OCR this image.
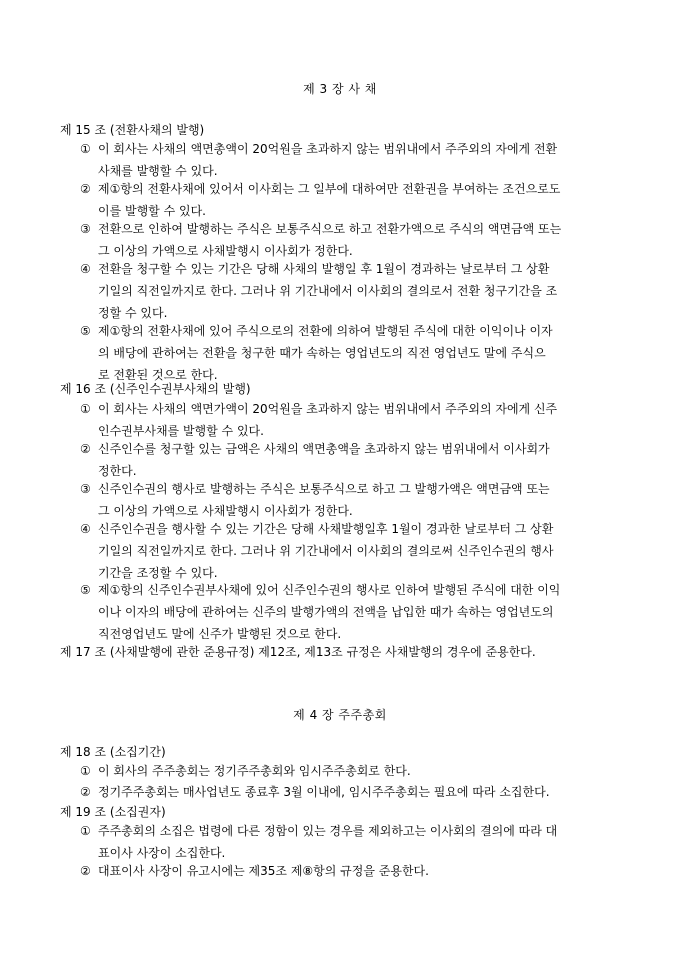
제 3 장 사 채
제 15 조 (전환사채의 발행)
① 이 회사는 사채의 액면총액이 20억원을 초과하지 않는 범위내에서 주주외의 자에게 전환
사채를 발행할 수 있다.
② 제①항의 전환사채에 있어서 이사회는 그 일부에 대하여만 전환권을 부여하는 조건으로도
이를 발행할 수 있다.
③ 전환으로 인하여 발행하는 주식은 보통주식으로 하고 전환가액으로 주식의 액면금액 또는
그 이상의 가액으로 사채발행시 이사회가 정한다.
④ 전환을 청구할 수 있는 기간은 당해 사채의 발행일 후 1월이 경과하는 날로부터 그 상환
기일의 직전일까지로 한다. 그러나 위 기간내에서 이사회의 결의로서 전환 청구기간을 조
정할 수 있다.
⑤ 제①항의 전환사채에 있어 주식으로의 전환에 의하여 발행된 주식에 대한 이익이나 이자
의 배당에 관하여는 전환을 청구한 때가 속하는 영업년도의 직전 영업년도 말에 주식으
로 전환된 것으로 한다.
제 16 조 (신주인수권부사채의 발행)
① 이 회사는 사채의 액면가액이 20억원을 초과하지 않는 범위내에서 주주외의 자에게 신주
인수권부사채를 발행할 수 있다.
② 신주인수를 청구할 있는 금액은 사채의 액면총액을 초과하지 않는 범위내에서 이사회가
정한다.
③ 신주인수권의 행사로 발행하는 주식은 보통주식으로 하고 그 발행가액은 액면금액 또는
그 이상의 가액으로 사채발행시 이사회가 정한다.
④ 신주인수권을 행사할 수 있는 기간은 당해 사채발행일후 1월이 경과한 날로부터 그 상환
기일의 직전일까지로 한다. 그러나 위 기간내에서 이사회의 결의로써 신주인수권의 행사
기간을 조정할 수 있다.
⑤ 제①항의 신주인수권부사채에 있어 신주인수권의 행사로 인하여 발행된 주식에 대한 이익
이나 이자의 배당에 관하여는 신주의 발행가액의 전액을 납입한 때가 속하는 영업년도의
직전영업년도 말에 신주가 발행된 것으로 한다.
제 17 조 (사채발행에 관한 준용규정) 제12조, 제13조 규정은 사채발행의 경우에 준용한다.
제 4 장 주주총회
제 18 조 (소집기간)
① 이 회사의 주주총회는 정기주주총회와 임시주주총회로 한다.
② 정기주주총회는 매사업년도 종료후 3월 이내에, 임시주주총회는 필요에 따라 소집한다.
제 19 조 (소집권자)
① 주주총회의 소집은 법령에 다른 정함이 있는 경우를 제외하고는 이사회의 결의에 따라 대
표이사 사장이 소집한다.
② 대표이사 사장이 유고시에는 제35조 제⑧항의 규정을 준용한다.
